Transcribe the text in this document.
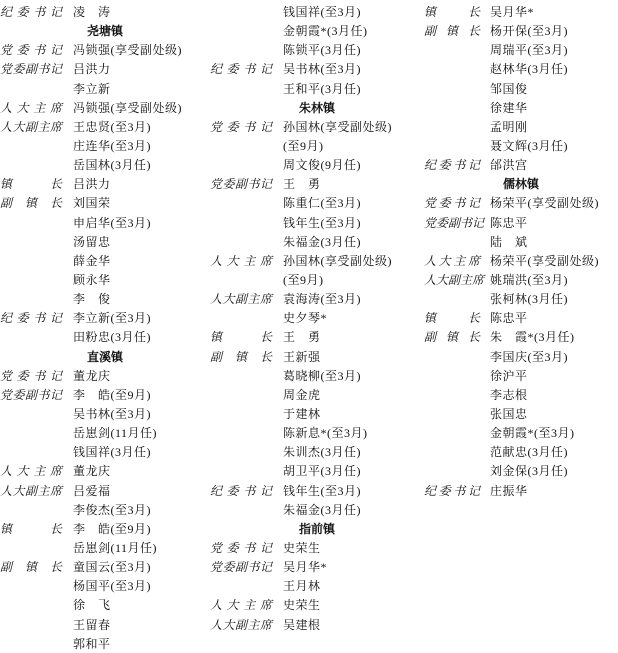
纪委书记 凌　涛
尧塘镇
党委书记 冯锁强(享受副处级)
党委副书记 吕洪力
李立新
人大主席 冯锁强(享受副处级)
人大副主席 王忠贤(至3月)
庄连华(至3月)
岳国林(3月任)
镇长 吕洪力
副镇长 刘国荣
申启华(至3月)
汤留忠
薛金华
顾永华
李　俊
纪委书记 李立新(至3月)
田粉忠(3月任)
直溪镇
党委书记 董龙庆
党委副书记 李　皓(至9月)
吴书林(至3月)
岳崽剑(11月任)
钱国祥(3月任)
人大主席 董龙庆
人大副主席 吕爱福
李俊杰(至3月)
镇长 李　皓(至9月)
岳崽剑(11月任)
副镇长 童国云(至3月)
杨国平(至3月)
徐　飞
王留春
郭和平
钱国祥(至3月)
金朝霞*(3月任)
陈锁平(3月任)
纪委书记 吴书林(至3月)
王和平(3月任)
朱林镇
党委书记 孙国林(享受副处级)
(至9月)
周文俊(9月任)
党委副书记 王　勇
陈重仁(至3月)
钱年生(至3月)
朱福金(3月任)
人大主席 孙国林(享受副处级)
(至9月)
人大副主席 袁海涛(至3月)
史夕琴*
镇长 王　勇
副镇长 王新强
葛晓柳(至3月)
周金虎
于建林
陈新息*(至3月)
朱训杰(3月任)
胡卫平(3月任)
纪委书记 钱年生(至3月)
朱福金(3月任)
指前镇
党委书记 史荣生
党委副书记 吴月华*
王月林
人大主席 史荣生
人大副主席 吴建根
镇长 吴月华*
副镇长 杨开保(至3月)
周瑞平(至3月)
赵林华(3月任)
邹国俊
徐建华
孟明刚
聂文辉(3月任)
纪委书记 邰洪宫
儒林镇
党委书记 杨荣平(享受副处级)
党委副书记 陈忠平
陆　斌
人大主席 杨荣平(享受副处级)
人大副主席 姚瑞洪(至3月)
张柯林(3月任)
镇长 陈忠平
副镇长 朱　霞*(3月任)
李国庆(至3月)
徐沪平
李志根
张国忠
金朝霞*(至3月)
范献忠(3月任)
刘金保(3月任)
纪委书记 庄振华
